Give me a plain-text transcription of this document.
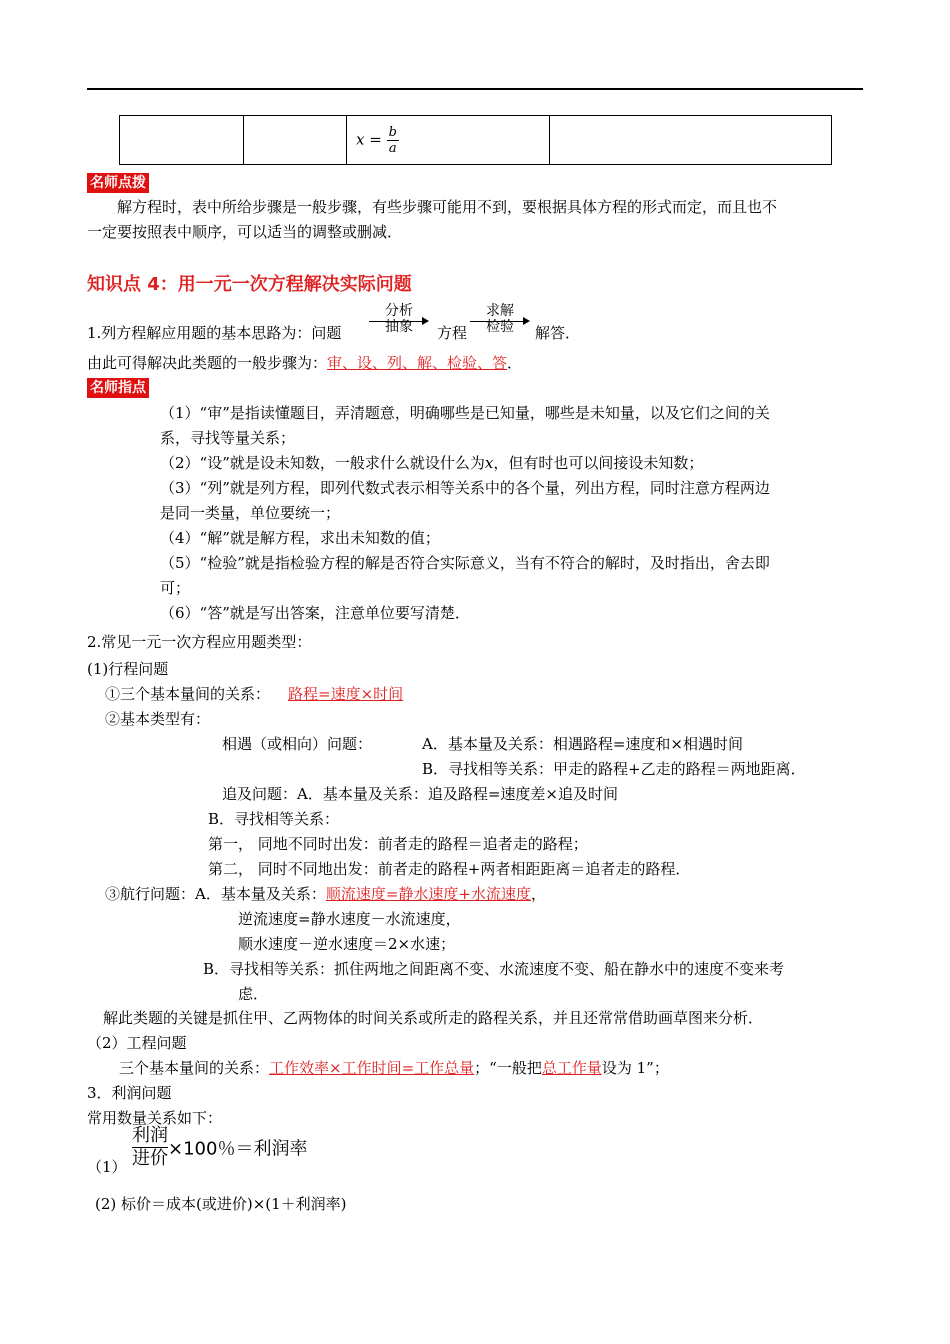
		$x = \frac{b}{a}$

名师点拨
解方程时，表中所给步骤是一般步骤，有些步骤可能用不到，要根据具体方程的形式而定，而且也不
一定要按照表中顺序，可以适当的调整或删减．
知识点 4：用一元一次方程解决实际问题
1.列方程解应用题的基本思路为：问题
分析
抽象 方程
求解
检验 解答．
由此可得解决此类题的一般步骤为：审、设、列、解、检验、答．
名师指点
（1）“审”是指读懂题目，弄清题意，明确哪些是已知量，哪些是未知量，以及它们之间的关
系，寻找等量关系；
（2）“设”就是设未知数，一般求什么就设什么为x，但有时也可以间接设未知数；
（3）“列”就是列方程，即列代数式表示相等关系中的各个量，列出方程，同时注意方程两边
是同一类量，单位要统一；
（4）“解”就是解方程，求出未知数的值；
（5）“检验”就是指检验方程的解是否符合实际意义，当有不符合的解时，及时指出，舍去即
可；
（6）“答”就是写出答案，注意单位要写清楚．
2.常见一元一次方程应用题类型：
(1)行程问题
①三个基本量间的关系： 路程=速度×时间
②基本类型有：
相遇（或相向）问题：	A．基本量及关系：相遇路程=速度和×相遇时间
B．寻找相等关系：甲走的路程+乙走的路程＝两地距离．
追及问题：A．基本量及关系：追及路程=速度差×追及时间
B．寻找相等关系：
第一， 同地不同时出发：前者走的路程＝追者走的路程；
第二， 同时不同地出发：前者走的路程+两者相距距离＝追者走的路程．
③航行问题：A．基本量及关系：顺流速度=静水速度+水流速度，
逆流速度=静水速度－水流速度，
顺水速度－逆水速度＝2×水速；
B．寻找相等关系：抓住两地之间距离不变、水流速度不变、船在静水中的速度不变来考
虑．
解此类题的关键是抓住甲、乙两物体的时间关系或所走的路程关系，并且还常常借助画草图来分析．
（2）工程问题
三个基本量间的关系：工作效率×工作时间=工作总量；“一般把总工作量设为 1”；
3．利润问题
常用数量关系如下：
（1）
利润
进价 ×100％＝利润率
(2) 标价＝成本(或进价)×(1＋利润率)
